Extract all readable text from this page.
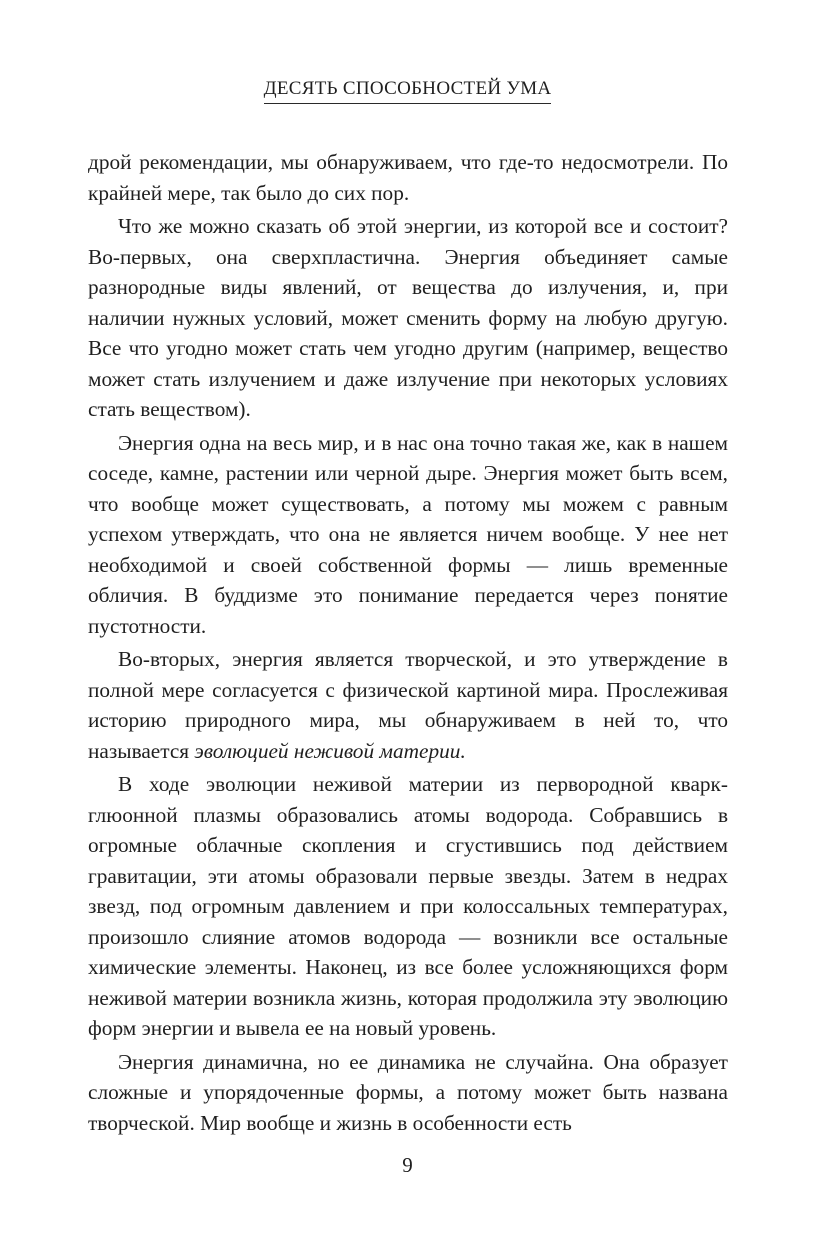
ДЕСЯТЬ СПОСОБНОСТЕЙ УМА

дрой рекомендации, мы обнаруживаем, что где-то недосмотрели. По крайней мере, так было до сих пор.

Что же можно сказать об этой энергии, из которой все и состоит? Во-первых, она сверхпластична. Энергия объединяет самые разнородные виды явлений, от вещества до излучения, и, при наличии нужных условий, может сменить форму на любую другую. Все что угодно может стать чем угодно другим (например, вещество может стать излучением и даже излучение при некоторых условиях стать веществом).

Энергия одна на весь мир, и в нас она точно такая же, как в нашем соседе, камне, растении или черной дыре. Энергия может быть всем, что вообще может существовать, а потому мы можем с равным успехом утверждать, что она не является ничем вообще. У нее нет необходимой и своей собственной формы — лишь временные обличия. В буддизме это понимание передается через понятие пустотности.

Во-вторых, энергия является творческой, и это утверждение в полной мере согласуется с физической картиной мира. Прослеживая историю природного мира, мы обнаруживаем в ней то, что называется эволюцией неживой материи.

В ходе эволюции неживой материи из первородной кварк-глюонной плазмы образовались атомы водорода. Собравшись в огромные облачные скопления и сгустившись под действием гравитации, эти атомы образовали первые звезды. Затем в недрах звезд, под огромным давлением и при колоссальных температурах, произошло слияние атомов водорода — возникли все остальные химические элементы. Наконец, из все более усложняющихся форм неживой материи возникла жизнь, которая продолжила эту эволюцию форм энергии и вывела ее на новый уровень.

Энергия динамична, но ее динамика не случайна. Она образует сложные и упорядоченные формы, а потому может быть названа творческой. Мир вообще и жизнь в особенности есть

9
